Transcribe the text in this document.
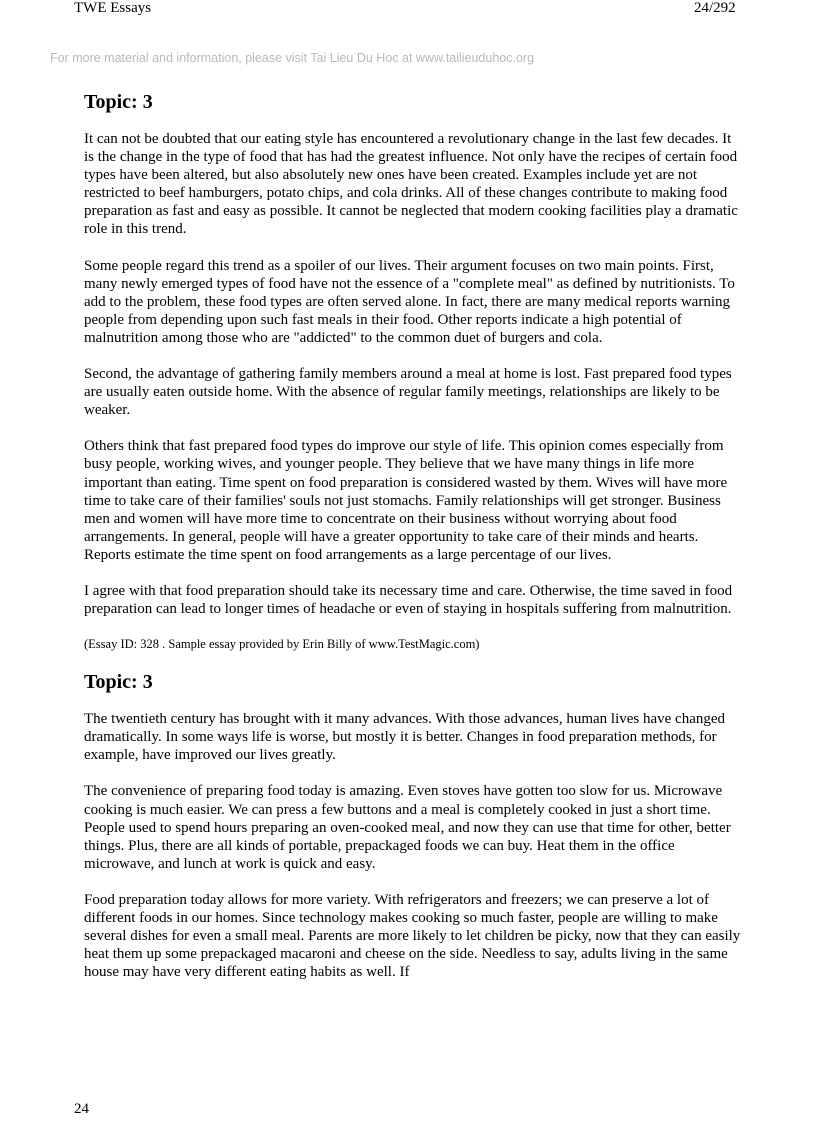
TWE Essays	24/292
For more material and information, please visit Tai Lieu Du Hoc at www.tailieuduhoc.org
Topic: 3

It can not be doubted that our eating style has encountered a revolutionary change in the last few decades. It is the change in the type of food that has had the greatest influence. Not only have the recipes of certain food types have been altered, but also absolutely new ones have been created. Examples include yet are not restricted to beef hamburgers, potato chips, and cola drinks. All of these changes contribute to making food preparation as fast and easy as possible. It cannot be neglected that modern cooking facilities play a dramatic role in this trend.

Some people regard this trend as a spoiler of our lives. Their argument focuses on two main points. First, many newly emerged types of food have not the essence of a "complete meal" as defined by nutritionists. To add to the problem, these food types are often served alone. In fact, there are many medical reports warning people from depending upon such fast meals in their food. Other reports indicate a high potential of malnutrition among those who are "addicted" to the common duet of burgers and cola.

Second, the advantage of gathering family members around a meal at home is lost. Fast prepared food types are usually eaten outside home. With the absence of regular family meetings, relationships are likely to be weaker.

Others think that fast prepared food types do improve our style of life. This opinion comes especially from busy people, working wives, and younger people. They believe that we have many things in life more important than eating. Time spent on food preparation is considered wasted by them. Wives will have more time to take care of their families' souls not just stomachs. Family relationships will get stronger. Business men and women will have more time to concentrate on their business without worrying about food arrangements. In general, people will have a greater opportunity to take care of their minds and hearts. Reports estimate the time spent on food arrangements as a large percentage of our lives.

I agree with that food preparation should take its necessary time and care. Otherwise, the time saved in food preparation can lead to longer times of headache or even of staying in hospitals suffering from malnutrition.

(Essay ID: 328 . Sample essay provided by Erin Billy of www.TestMagic.com)

Topic: 3

The twentieth century has brought with it many advances. With those advances, human lives have changed dramatically. In some ways life is worse, but mostly it is better. Changes in food preparation methods, for example, have improved our lives greatly.

The convenience of preparing food today is amazing. Even stoves have gotten too slow for us. Microwave cooking is much easier. We can press a few buttons and a meal is completely cooked in just a short time. People used to spend hours preparing an oven-cooked meal, and now they can use that time for other, better things. Plus, there are all kinds of portable, prepackaged foods we can buy. Heat them in the office microwave, and lunch at work is quick and easy.

Food preparation today allows for more variety. With refrigerators and freezers; we can preserve a lot of different foods in our homes. Since technology makes cooking so much faster, people are willing to make several dishes for even a small meal. Parents are more likely to let children be picky, now that they can easily heat them up some prepackaged macaroni and cheese on the side. Needless to say, adults living in the same house may have very different eating habits as well. If

24
